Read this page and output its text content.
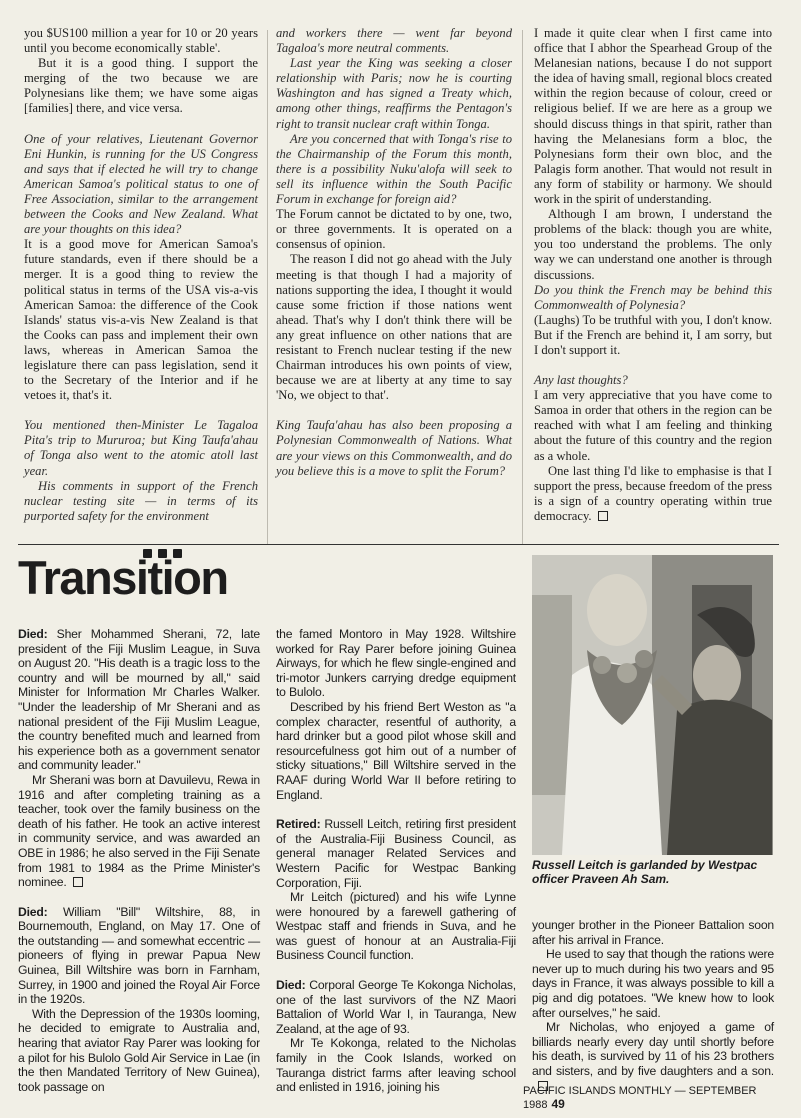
you $US100 million a year for 10 or 20 years until you become economically stable'.

But it is a good thing. I support the merging of the two because we are Polynesians like them; we have some aigas [families] there, and vice versa.

One of your relatives, Lieutenant Governor Eni Hunkin, is running for the US Congress and says that if elected he will try to change American Samoa's political status to one of Free Association, similar to the arrangement between the Cooks and New Zealand. What are your thoughts on this idea?

It is a good move for American Samoa's future standards, even if there should be a merger. It is a good thing to review the political status in terms of the USA vis-a-vis American Samoa: the difference of the Cook Islands' status vis-a-vis New Zealand is that the Cooks can pass and implement their own laws, whereas in American Samoa the legislature there can pass legislation, send it to the Secretary of the Interior and if he vetoes it, that's it.

You mentioned then-Minister Le Tagaloa Pita's trip to Mururoa; but King Taufa'ahau of Tonga also went to the atomic atoll last year.

His comments in support of the French nuclear testing site — in terms of its purported safety for the environment

and workers there — went far beyond Tagaloa's more neutral comments.

Last year the King was seeking a closer relationship with Paris; now he is courting Washington and has signed a Treaty which, among other things, reaffirms the Pentagon's right to transit nuclear craft within Tonga.

Are you concerned that with Tonga's rise to the Chairmanship of the Forum this month, there is a possibility Nuku'alofa will seek to sell its influence within the South Pacific Forum in exchange for foreign aid?

The Forum cannot be dictated to by one, two, or three governments. It is operated on a consensus of opinion.

The reason I did not go ahead with the July meeting is that though I had a majority of nations supporting the idea, I thought it would cause some friction if those nations went ahead. That's why I don't think there will be any great influence on other nations that are resistant to French nuclear testing if the new Chairman introduces his own points of view, because we are at liberty at any time to say 'No, we object to that'.

King Taufa'ahau has also been proposing a Polynesian Commonwealth of Nations. What are your views on this Commonwealth, and do you believe this is a move to split the Forum?

I made it quite clear when I first came into office that I abhor the Spearhead Group of the Melanesian nations, because I do not support the idea of having small, regional blocs created within the region because of colour, creed or religious belief. If we are here as a group we should discuss things in that spirit, rather than having the Melanesians form a bloc, the Polynesians form their own bloc, and the Palagis form another. That would not result in any form of stability or harmony. We should work in the spirit of understanding.

Although I am brown, I understand the problems of the black: though you are white, you too understand the problems. The only way we can understand one another is through discussions.

Do you think the French may be behind this Commonwealth of Polynesia?

(Laughs) To be truthful with you, I don't know. But if the French are behind it, I am sorry, but I don't support it.

Any last thoughts?

I am very appreciative that you have come to Samoa in order that others in the region can be reached with what I am feeling and thinking about the future of this country and the region as a whole.

One last thing I'd like to emphasise is that I support the press, because freedom of the press is a sign of a country operating within true democracy.

Transition

Died: Sher Mohammed Sherani, 72, late president of the Fiji Muslim League, in Suva on August 20. "His death is a tragic loss to the country and will be mourned by all," said Minister for Information Mr Charles Walker. "Under the leadership of Mr Sherani and as national president of the Fiji Muslim League, the country benefited much and learned from his experience both as a government senator and community leader."

Mr Sherani was born at Davuilevu, Rewa in 1916 and after completing training as a teacher, took over the family business on the death of his father. He took an active interest in community service, and was awarded an OBE in 1986; he also served in the Fiji Senate from 1981 to 1984 as the Prime Minister's nominee.

Died: William "Bill" Wiltshire, 88, in Bournemouth, England, on May 17. One of the outstanding — and somewhat eccentric — pioneers of flying in prewar Papua New Guinea, Bill Wiltshire was born in Farnham, Surrey, in 1900 and joined the Royal Air Force in the 1920s.

With the Depression of the 1930s looming, he decided to emigrate to Australia and, hearing that aviator Ray Parer was looking for a pilot for his Bulolo Gold Air Service in Lae (in the then Mandated Territory of New Guinea), took passage on

the famed Montoro in May 1928. Wiltshire worked for Ray Parer before joining Guinea Airways, for which he flew single-engined and tri-motor Junkers carrying dredge equipment to Bulolo.

Described by his friend Bert Weston as "a complex character, resentful of authority, a hard drinker but a good pilot whose skill and resourcefulness got him out of a number of sticky situations," Bill Wiltshire served in the RAAF during World War II before retiring to England.

Retired: Russell Leitch, retiring first president of the Australia-Fiji Business Council, as general manager Related Services and Western Pacific for Westpac Banking Corporation, Fiji.

Mr Leitch (pictured) and his wife Lynne were honoured by a farewell gathering of Westpac staff and friends in Suva, and he was guest of honour at an Australia-Fiji Business Council function.

Died: Corporal George Te Kokonga Nicholas, one of the last survivors of the NZ Maori Battalion of World War I, in Tauranga, New Zealand, at the age of 93.

Mr Te Kokonga, related to the Nicholas family in the Cook Islands, worked on Tauranga district farms after leaving school and enlisted in 1916, joining his

Russell Leitch is garlanded by Westpac officer Praveen Ah Sam.

younger brother in the Pioneer Battalion soon after his arrival in France.

He used to say that though the rations were never up to much during his two years and 95 days in France, it was always possible to kill a pig and dig potatoes. "We knew how to look after ourselves," he said.

Mr Nicholas, who enjoyed a game of billiards nearly every day until shortly before his death, is survived by 11 of his 23 brothers and sisters, and by five daughters and a son.

PACIFIC ISLANDS MONTHLY — SEPTEMBER 1988 49
